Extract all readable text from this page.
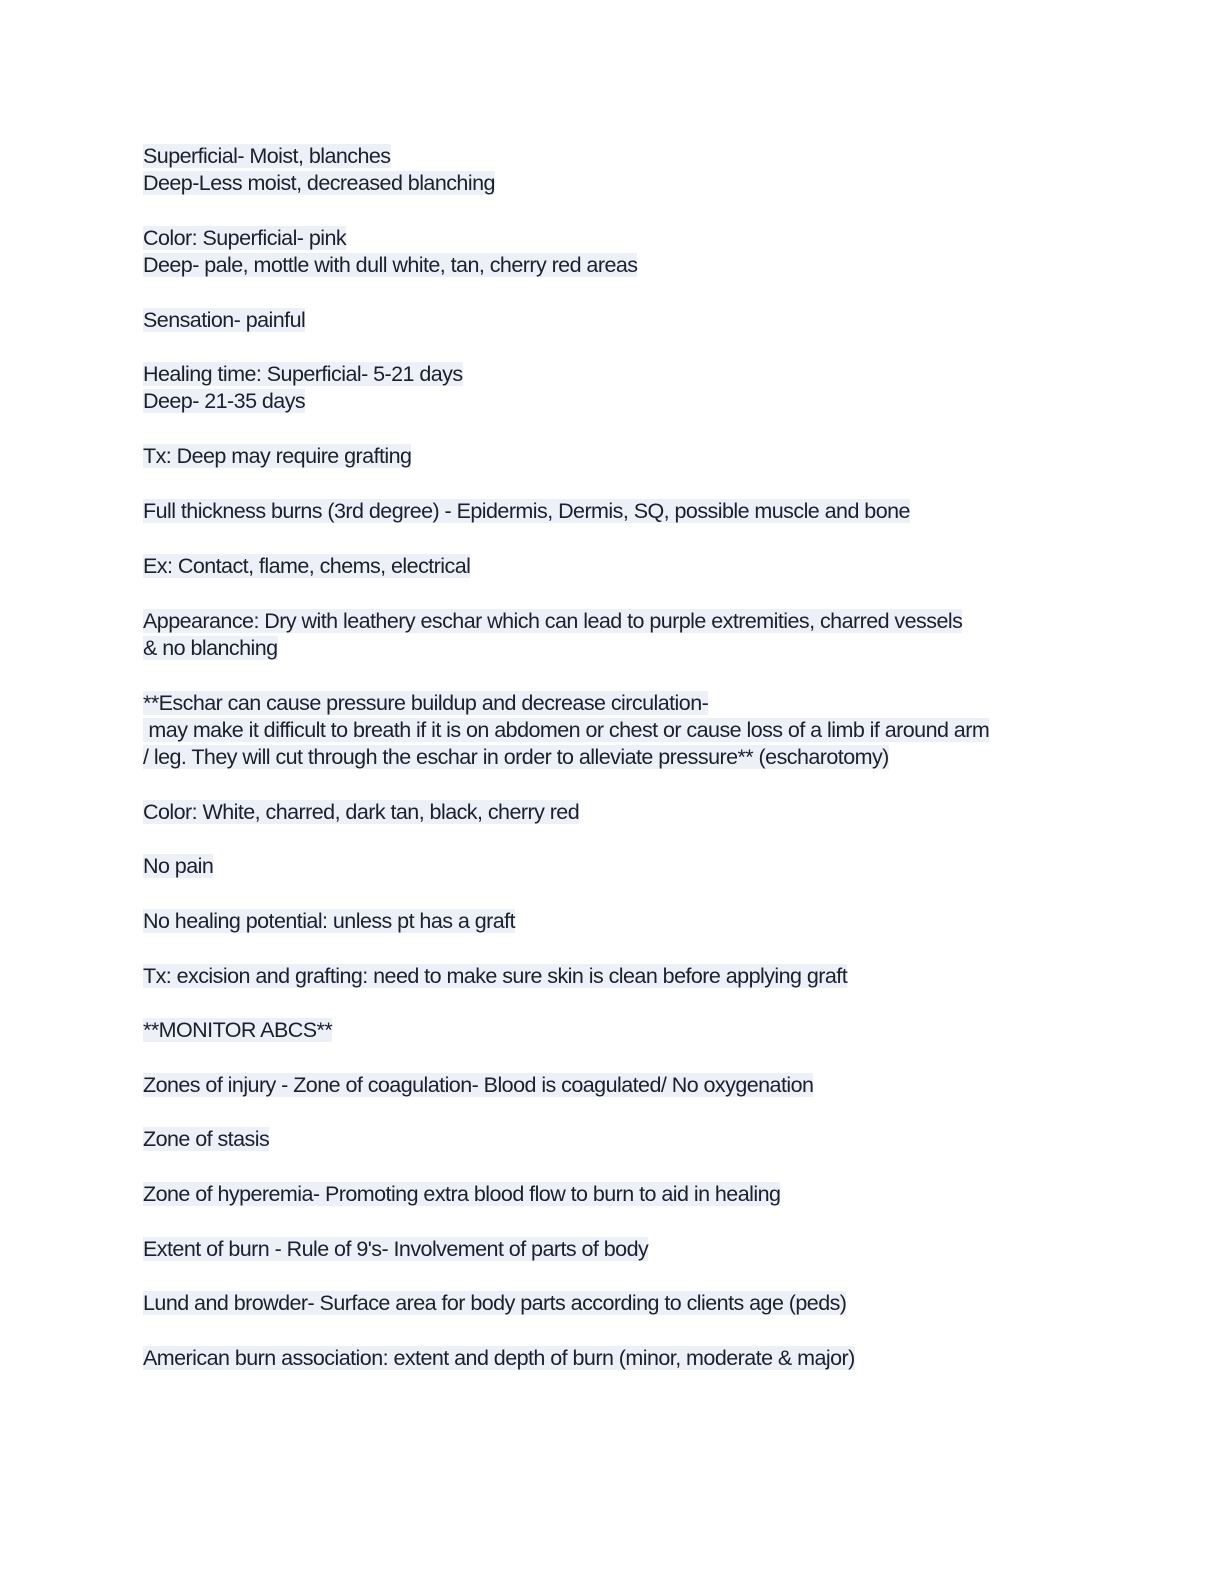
Superficial- Moist, blanches
Deep-Less moist, decreased blanching
Color: Superficial- pink
Deep- pale, mottle with dull white, tan, cherry red areas
Sensation- painful
Healing time: Superficial- 5-21 days
Deep- 21-35 days
Tx: Deep may require grafting
Full thickness burns (3rd degree) - Epidermis, Dermis, SQ, possible muscle and bone
Ex: Contact, flame, chems, electrical
Appearance: Dry with leathery eschar which can lead to purple extremities, charred vessels
& no blanching
**Eschar can cause pressure buildup and decrease circulation-
may make it difficult to breath if it is on abdomen or chest or cause loss of a limb if around arm
/ leg. They will cut through the eschar in order to alleviate pressure** (escharotomy)
Color: White, charred, dark tan, black, cherry red
No pain
No healing potential: unless pt has a graft
Tx: excision and grafting: need to make sure skin is clean before applying graft
**MONITOR ABCS**
Zones of injury - Zone of coagulation- Blood is coagulated/ No oxygenation
Zone of stasis
Zone of hyperemia- Promoting extra blood flow to burn to aid in healing
Extent of burn - Rule of 9's- Involvement of parts of body
Lund and browder- Surface area for body parts according to clients age (peds)
American burn association: extent and depth of burn (minor, moderate & major)
